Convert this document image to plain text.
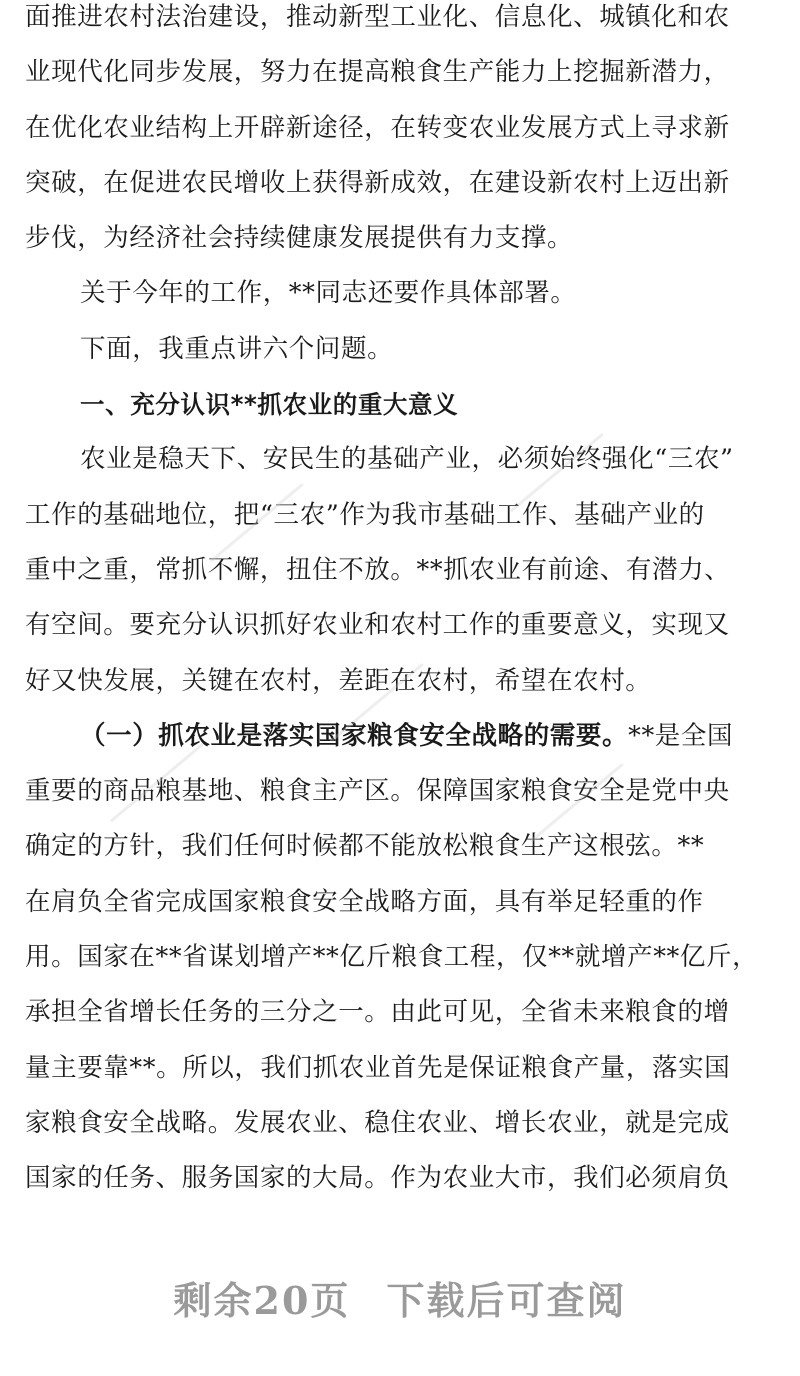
面推进农村法治建设，推动新型工业化、信息化、城镇化和农
业现代化同步发展，努力在提高粮食生产能力上挖掘新潜力，
在优化农业结构上开辟新途径，在转变农业发展方式上寻求新
突破，在促进农民增收上获得新成效，在建设新农村上迈出新
步伐，为经济社会持续健康发展提供有力支撑。
关于今年的工作，**同志还要作具体部署。
下面，我重点讲六个问题。
一、充分认识**抓农业的重大意义
农业是稳天下、安民生的基础产业，必须始终强化“三农”
工作的基础地位，把“三农”作为我市基础工作、基础产业的
重中之重，常抓不懈，扭住不放。**抓农业有前途、有潜力、
有空间。要充分认识抓好农业和农村工作的重要意义，实现又
好又快发展，关键在农村，差距在农村，希望在农村。
（一）抓农业是落实国家粮食安全战略的需要。**是全国
重要的商品粮基地、粮食主产区。保障国家粮食安全是党中央
确定的方针，我们任何时候都不能放松粮食生产这根弦。**
在肩负全省完成国家粮食安全战略方面，具有举足轻重的作
用。国家在**省谋划增产**亿斤粮食工程，仅**就增产**亿斤，
承担全省增长任务的三分之一。由此可见，全省未来粮食的增
量主要靠**。所以，我们抓农业首先是保证粮食产量，落实国
家粮食安全战略。发展农业、稳住农业、增长农业，就是完成
国家的任务、服务国家的大局。作为农业大市，我们必须肩负
剩余20页 下载后可查阅
